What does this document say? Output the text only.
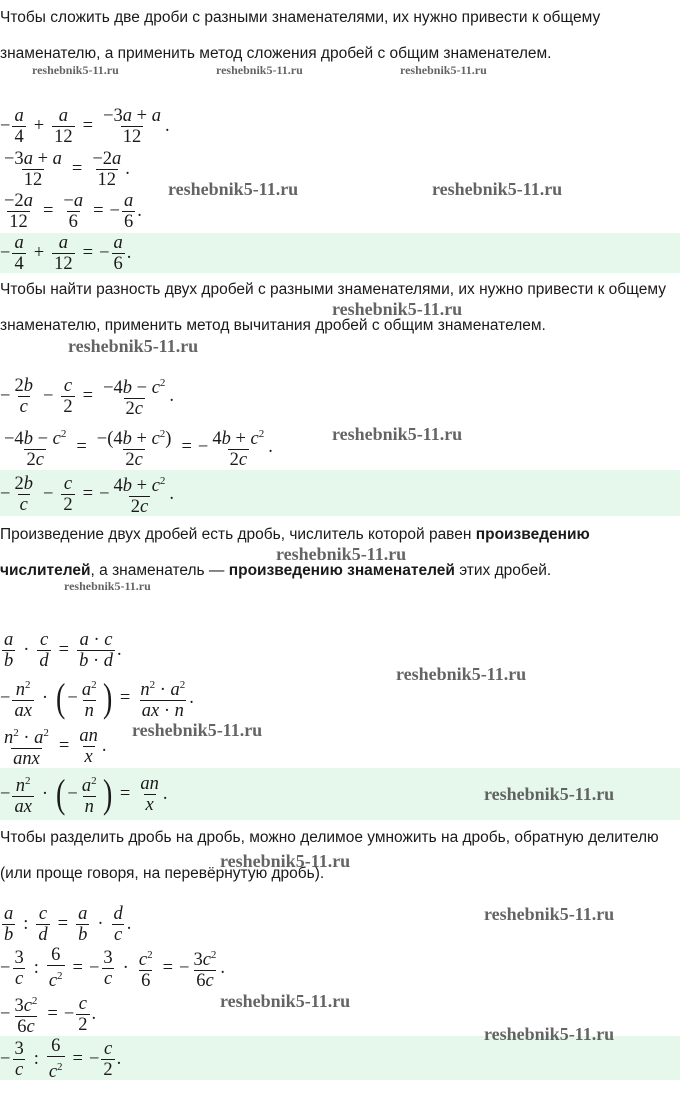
Чтобы сложить две дроби с разными знаменателями, их нужно привести к общему знаменателю, а применить метод сложения дробей с общим знаменателем.

− a
4
+ $\frac{a}{12} = \frac{-3a + a}{12}$ .
$\frac{-3a + a}{12} = \frac{-2a}{12}$ .
$\frac{-2a}{12} = \frac{-a}{6}$ = − $\frac{a}{6}$ .
− a
4
+ $\frac{a}{12}$ = − $\frac{a}{6}$ .

Чтобы найти разность двух дробей с разными знаменателями, их нужно привести к общему знаменателю, применить метод вычитания дробей с общим знаменателем.

− 2b
c
− $\frac{c}{2} = \frac{-4b - c^2}{2c}$ .
$\frac{-4b - c^2}{2c} = \frac{-(4b + c^2)}{2c}$ = − $\frac{4b + c^2}{2c}$ .
− 2b
c
− $\frac{c}{2}$ = − $\frac{4b + c^2}{2c}$ .

Произведение двух дробей есть дробь, числитель которой равен произведению числителей, а знаменатель — произведению знаменателей этих дробей.

a
b
· $\frac{c}{d} = \frac{a \cdot c}{b \cdot d}$ .
− $n^2$
ax
· ( − $a^2$
n ) = $\frac{n^2 \cdot a^2}{ax \cdot n}$ .
$n^2 \cdot a^2$
anx
= $\frac{an}{x}$ .
− $n^2$
ax
· ( − $a^2$
n ) = $\frac{an}{x}$ .

Чтобы разделить дробь на дробь, можно делимое умножить на дробь, обратную делителю (или проще говоря, на перевёрнутую дробь).

a
b
: $\frac{c}{d} = \frac{a}{b} \cdot d$
c
.
− 3
c
: $\frac{6}{c^2}$ = − $\frac{3}{c} \cdot \frac{c^2}{6}$ = − $\frac{3c^2}{6c}$ .
− $\frac{3c^2}{6c}$ = − $\frac{c}{2}$ .
− 3
c
: $\frac{6}{c^2}$ = − $\frac{c}{2}$ .
reshebnik5-11.ru	reshebnik5-11.ru	reshebnik5-11.ru
reshebnik5-11.ru	reshebnik5-11.ru
reshebnik5-11.ru
reshebnik5-11.ru
reshebnik5-11.ru
reshebnik5-11.ru
reshebnik5-11.ru
reshebnik5-11.ru
reshebnik5-11.ru
reshebnik5-11.ru
reshebnik5-11.ru
reshebnik5-11.ru
reshebnik5-11.ru
reshebnik5-11.ru
